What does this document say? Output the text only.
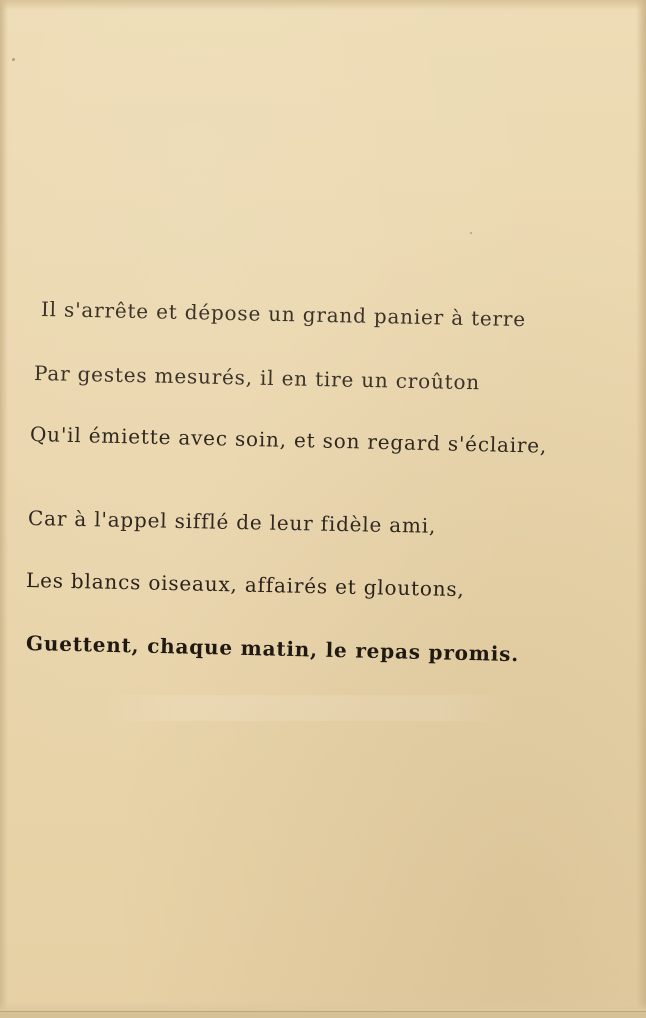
Il s'arrête et dépose un grand panier à terre

Par gestes mesurés, il en tire un croûton

Qu'il émiette avec soin, et son regard s'éclaire,

Car à l'appel sifflé de leur fidèle ami,

Les blancs oiseaux, affairés et gloutons,

Guettent, chaque matin, le repas promis.
